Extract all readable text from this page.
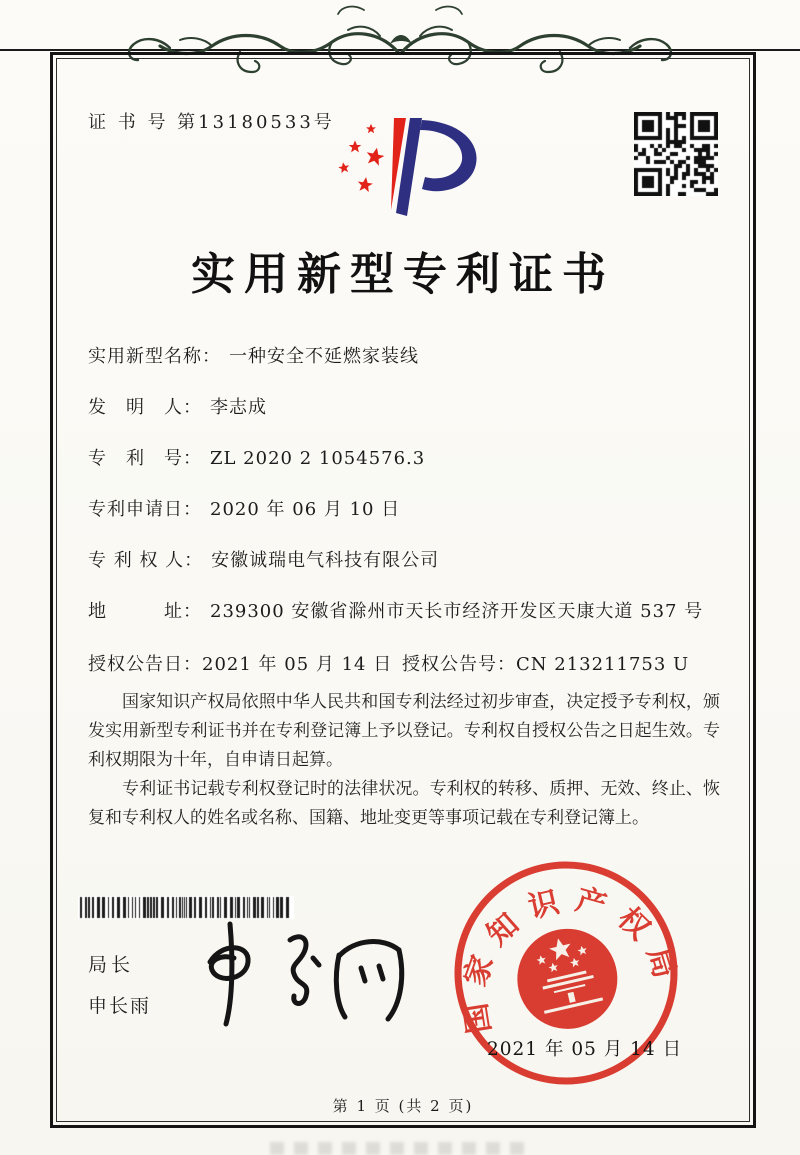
证 书 号 第13180533号
实用新型专利证书
实用新型名称： 一种安全不延燃家装线
发　明　人： 李志成
专　利　号： ZL 2020 2 1054576.3
专利申请日： 2020 年 06 月 10 日
专 利 权 人： 安徽诚瑞电气科技有限公司
地　　　址： 239300 安徽省滁州市天长市经济开发区天康大道 537 号
授权公告日：2021 年 05 月 14 日 授权公告号：CN 213211753 U

国家知识产权局依照中华人民共和国专利法经过初步审查，决定授予专利权，颁发实用新型专利证书并在专利登记簿上予以登记。专利权自授权公告之日起生效。专利权期限为十年，自申请日起算。

专利证书记载专利权登记时的法律状况。专利权的转移、质押、无效、终止、恢复和专利权人的姓名或名称、国籍、地址变更等事项记载在专利登记簿上。

局长
申长雨	国家知识产权局
2021 年 05 月 14 日
第 1 页 (共 2 页)
